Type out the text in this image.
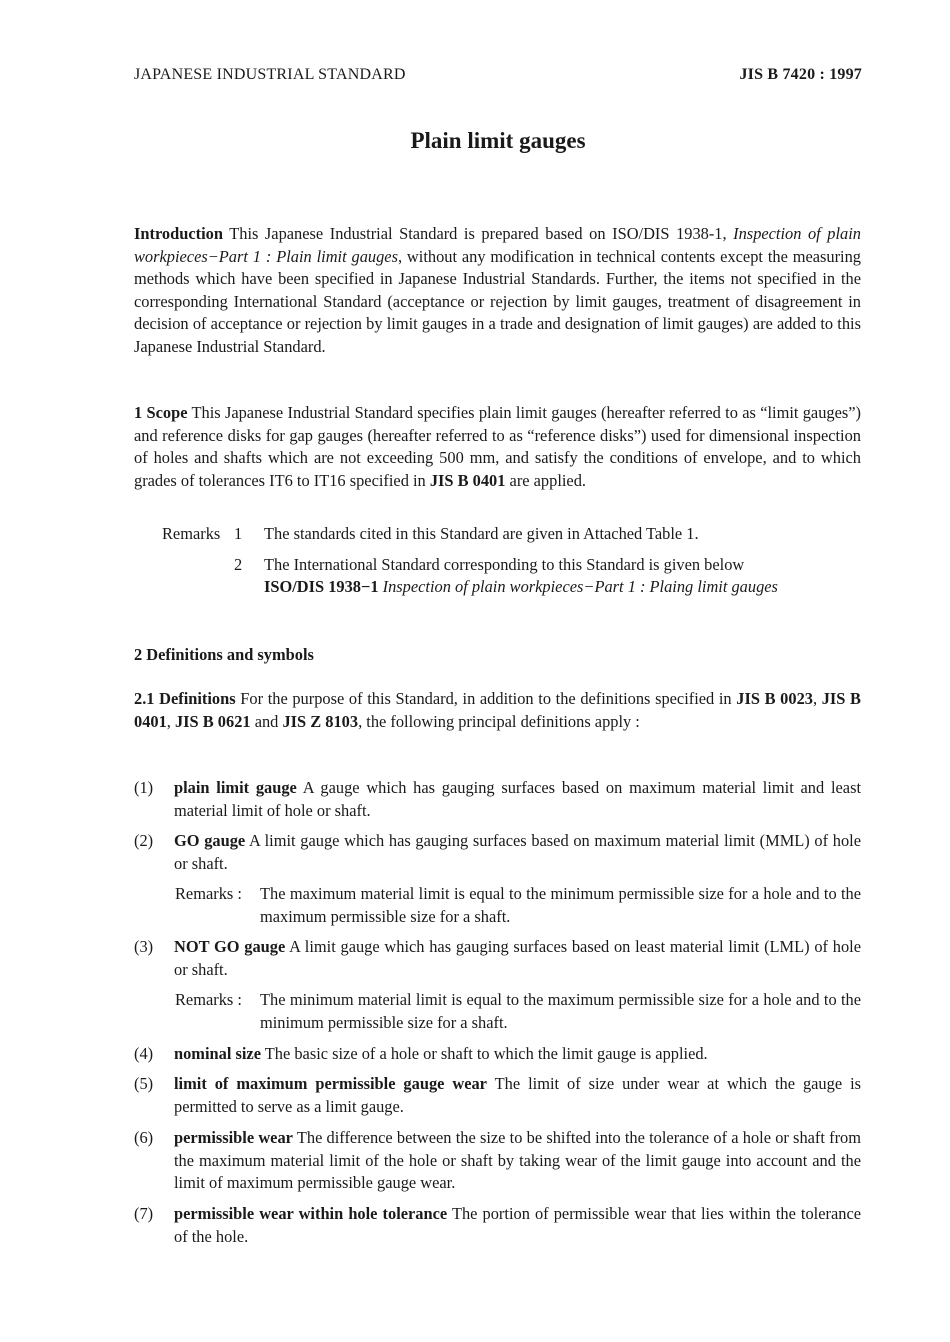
JAPANESE INDUSTRIAL STANDARD	JIS B 7420 : 1997
Plain limit gauges
Introduction This Japanese Industrial Standard is prepared based on ISO/DIS 1938-1, Inspection of plain workpieces−Part 1 : Plain limit gauges, without any modification in technical contents except the measuring methods which have been specified in Japanese Industrial Standards. Further, the items not specified in the corresponding International Standard (acceptance or rejection by limit gauges, treatment of disagreement in decision of acceptance or rejection by limit gauges in a trade and designation of limit gauges) are added to this Japanese Industrial Standard.
1 Scope This Japanese Industrial Standard specifies plain limit gauges (hereafter referred to as “limit gauges”) and reference disks for gap gauges (hereafter referred to as “reference disks”) used for dimensional inspection of holes and shafts which are not exceeding 500 mm, and satisfy the conditions of envelope, and to which grades of tolerances IT6 to IT16 specified in JIS B 0401 are applied.
Remarks 1 The standards cited in this Standard are given in Attached Table 1.
2 The International Standard corresponding to this Standard is given below
ISO/DIS 1938−1 Inspection of plain workpieces−Part 1 : Plaing limit gauges
2 Definitions and symbols
2.1 Definitions For the purpose of this Standard, in addition to the definitions specified in JIS B 0023, JIS B 0401, JIS B 0621 and JIS Z 8103, the following principal definitions apply :
(1) plain limit gauge A gauge which has gauging surfaces based on maximum material limit and least material limit of hole or shaft.
(2) GO gauge A limit gauge which has gauging surfaces based on maximum material limit (MML) of hole or shaft.
Remarks : The maximum material limit is equal to the minimum permissible size for a hole and to the maximum permissible size for a shaft.
(3) NOT GO gauge A limit gauge which has gauging surfaces based on least material limit (LML) of hole or shaft.
Remarks : The minimum material limit is equal to the maximum permissible size for a hole and to the minimum permissible size for a shaft.
(4) nominal size The basic size of a hole or shaft to which the limit gauge is applied.
(5) limit of maximum permissible gauge wear The limit of size under wear at which the gauge is permitted to serve as a limit gauge.
(6) permissible wear The difference between the size to be shifted into the tolerance of a hole or shaft from the maximum material limit of the hole or shaft by taking wear of the limit gauge into account and the limit of maximum permissible gauge wear.
(7) permissible wear within hole tolerance The portion of permissible wear that lies within the tolerance of the hole.
